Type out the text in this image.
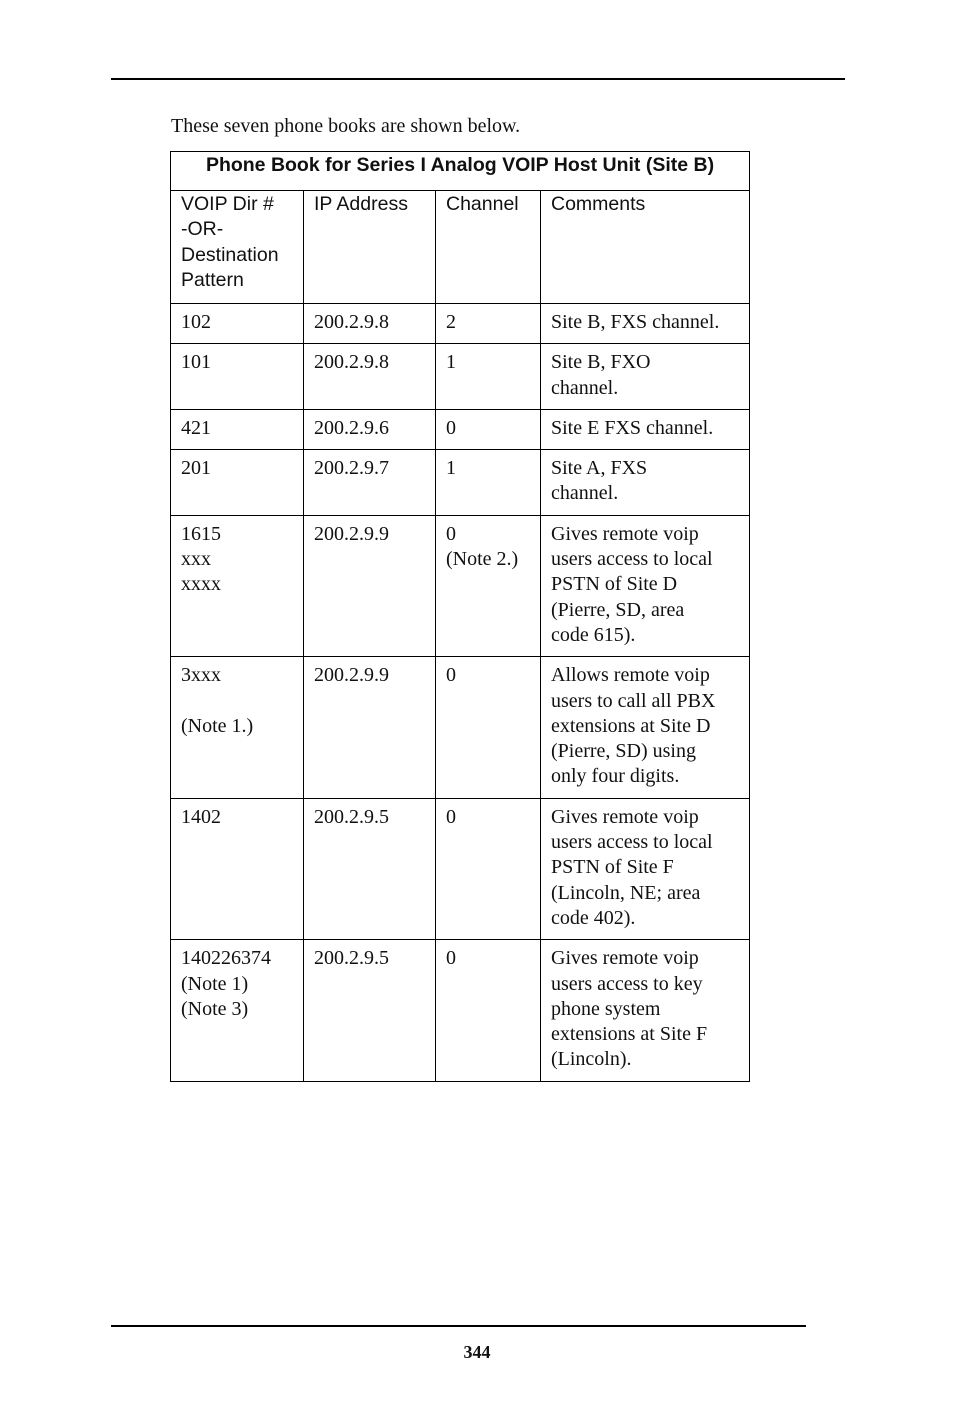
These seven phone books are shown below.
Phone Book for Series I Analog VOIP Host Unit (Site B)			

VOIP Dir #
-OR-
Destination
Pattern	IP Address	Channel	Comments

102	200.2.9.8	2	Site B, FXS channel.

101	200.2.9.8	1	Site B, FXO
channel.

421	200.2.9.6	0	Site E FXS channel.

201	200.2.9.7	1	Site A, FXS
channel.

1615
xxx
xxxx	200.2.9.9	0
(Note 2.)	Gives remote voip
users access to local
PSTN of Site D
(Pierre, SD, area
code 615).

3xxx

(Note 1.)	200.2.9.9	0	Allows remote voip
users to call all PBX
extensions at Site D
(Pierre, SD) using
only four digits.

1402	200.2.9.5	0	Gives remote voip
users access to local
PSTN of Site F
(Lincoln, NE; area
code 402).

140226374
(Note 1)
(Note 3)	200.2.9.5	0	Gives remote voip
users access to key
phone system
extensions at Site F
(Lincoln).
344
